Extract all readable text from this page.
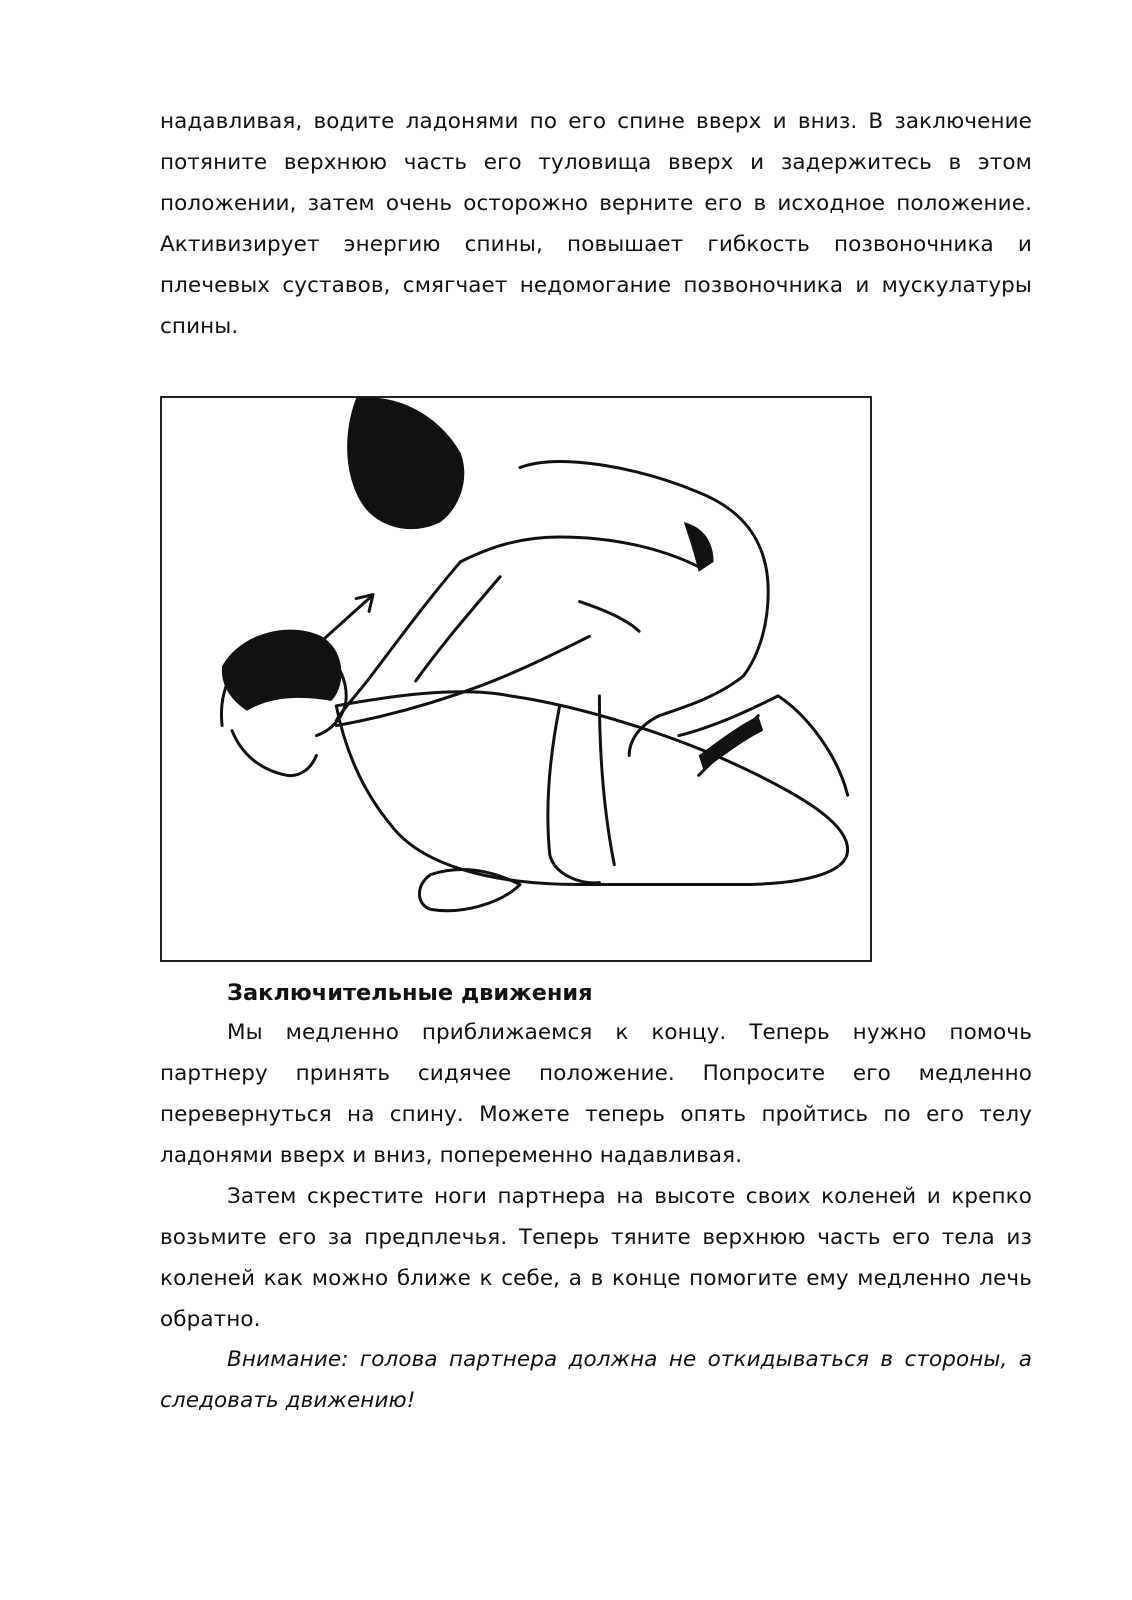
надавливая, водите ладонями по его спине вверх и вниз. В заключение потяните верхнюю часть его туловища вверх и задержитесь в этом положении, затем очень осторожно верните его в исходное положение. Активизирует энергию спины, повышает гибкость позвоночника и плечевых суставов, смягчает недомогание позвоночника и мускулатуры спины.

Заключительные движения

Мы медленно приближаемся к концу. Теперь нужно помочь партнеру принять сидячее положение. Попросите его медленно перевернуться на спину. Можете теперь опять пройтись по его телу ладонями вверх и вниз, попеременно надавливая.

Затем скрестите ноги партнера на высоте своих коленей и крепко возьмите его за предплечья. Теперь тяните верхнюю часть его тела из коленей как можно ближе к себе, а в конце помогите ему медленно лечь обратно.

Внимание: голова партнера должна не откидываться в стороны, а следовать движению!
